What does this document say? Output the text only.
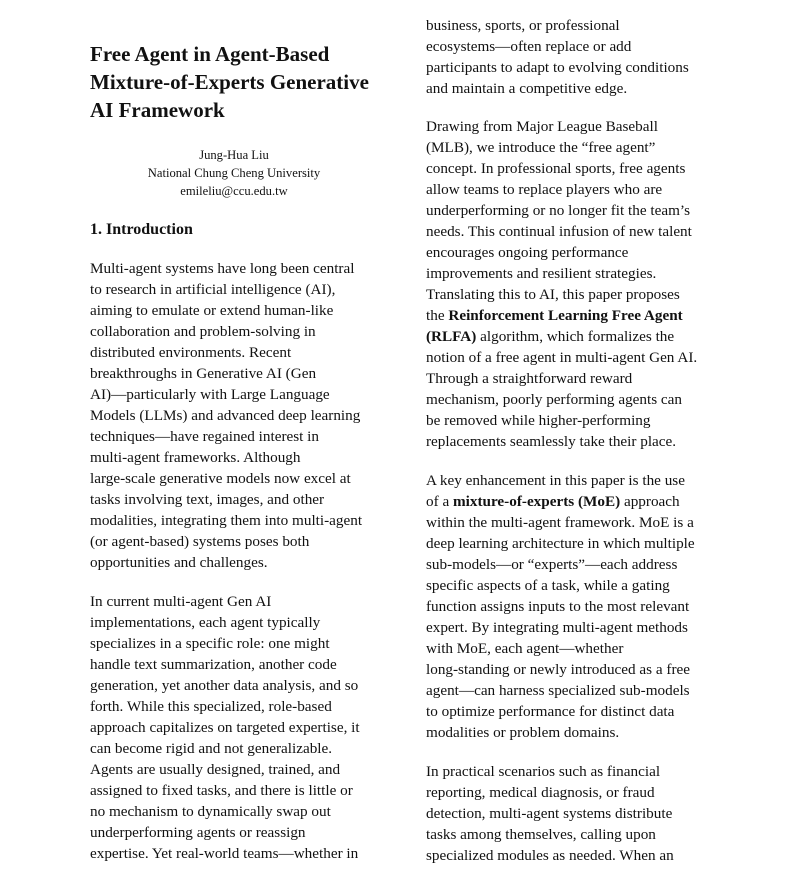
Free Agent in Agent-Based
Mixture-of-Experts Generative
AI Framework
Jung-Hua Liu
National Chung Cheng University
emileliu@ccu.edu.tw
1. Introduction
Multi-agent systems have long been central
to research in artificial intelligence (AI),
aiming to emulate or extend human-like
collaboration and problem-solving in
distributed environments. Recent
breakthroughs in Generative AI (Gen
AI)—particularly with Large Language
Models (LLMs) and advanced deep learning
techniques—have regained interest in
multi-agent frameworks. Although
large-scale generative models now excel at
tasks involving text, images, and other
modalities, integrating them into multi-agent
(or agent-based) systems poses both
opportunities and challenges.
In current multi-agent Gen AI
implementations, each agent typically
specializes in a specific role: one might
handle text summarization, another code
generation, yet another data analysis, and so
forth. While this specialized, role-based
approach capitalizes on targeted expertise, it
can become rigid and not generalizable.
Agents are usually designed, trained, and
assigned to fixed tasks, and there is little or
no mechanism to dynamically swap out
underperforming agents or reassign
expertise. Yet real-world teams—whether in
business, sports, or professional
ecosystems—often replace or add
participants to adapt to evolving conditions
and maintain a competitive edge.
Drawing from Major League Baseball
(MLB), we introduce the “free agent”
concept. In professional sports, free agents
allow teams to replace players who are
underperforming or no longer fit the team’s
needs. This continual infusion of new talent
encourages ongoing performance
improvements and resilient strategies.
Translating this to AI, this paper proposes
the Reinforcement Learning Free Agent
(RLFA) algorithm, which formalizes the
notion of a free agent in multi-agent Gen AI.
Through a straightforward reward
mechanism, poorly performing agents can
be removed while higher-performing
replacements seamlessly take their place.
A key enhancement in this paper is the use
of a mixture-of-experts (MoE) approach
within the multi-agent framework. MoE is a
deep learning architecture in which multiple
sub-models—or “experts”—each address
specific aspects of a task, while a gating
function assigns inputs to the most relevant
expert. By integrating multi-agent methods
with MoE, each agent—whether
long-standing or newly introduced as a free
agent—can harness specialized sub-models
to optimize performance for distinct data
modalities or problem domains.
In practical scenarios such as financial
reporting, medical diagnosis, or fraud
detection, multi-agent systems distribute
tasks among themselves, calling upon
specialized modules as needed. When an
